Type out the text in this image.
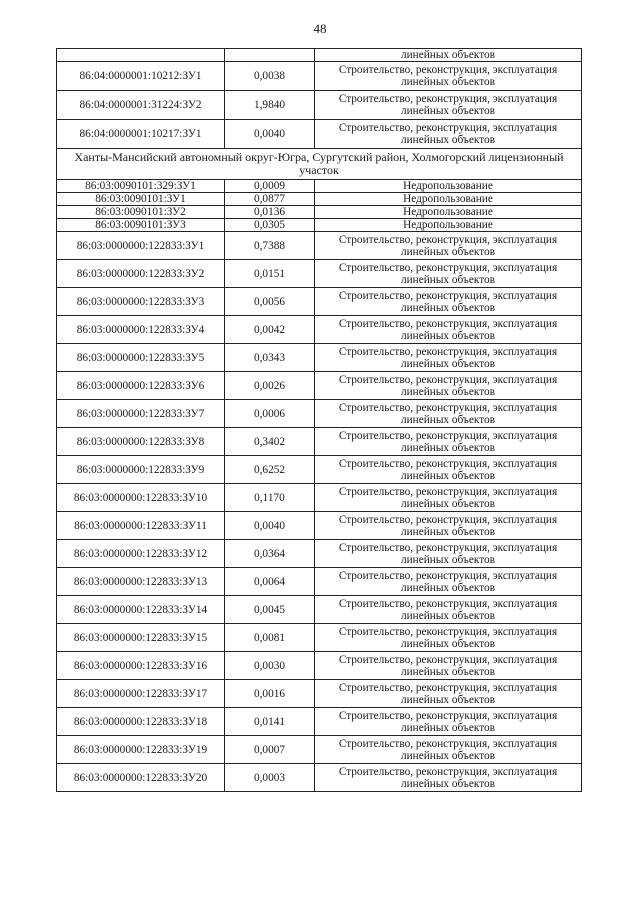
48
		линейных объектов
86:04:0000001:10212:ЗУ1	0,0038	Строительство, реконструкция, эксплуатация линейных объектов
86:04:0000001:31224:ЗУ2	1,9840	Строительство, реконструкция, эксплуатация линейных объектов
86:04:0000001:10217:ЗУ1	0,0040	Строительство, реконструкция, эксплуатация линейных объектов
Ханты-Мансийский автономный округ-Югра, Сургутский район, Холмогорский лицензионный участок		
86:03:0090101:329:ЗУ1	0,0009	Недропользование
86:03:0090101:ЗУ1	0,0877	Недропользование
86:03:0090101:ЗУ2	0,0136	Недропользование
86:03:0090101:ЗУ3	0,0305	Недропользование
86:03:0000000:122833:ЗУ1	0,7388	Строительство, реконструкция, эксплуатация линейных объектов
86:03:0000000:122833:ЗУ2	0,0151	Строительство, реконструкция, эксплуатация линейных объектов
86:03:0000000:122833:ЗУ3	0,0056	Строительство, реконструкция, эксплуатация линейных объектов
86:03:0000000:122833:ЗУ4	0,0042	Строительство, реконструкция, эксплуатация линейных объектов
86:03:0000000:122833:ЗУ5	0,0343	Строительство, реконструкция, эксплуатация линейных объектов
86:03:0000000:122833:ЗУ6	0,0026	Строительство, реконструкция, эксплуатация линейных объектов
86:03:0000000:122833:ЗУ7	0,0006	Строительство, реконструкция, эксплуатация линейных объектов
86:03:0000000:122833:ЗУ8	0,3402	Строительство, реконструкция, эксплуатация линейных объектов
86:03:0000000:122833:ЗУ9	0,6252	Строительство, реконструкция, эксплуатация линейных объектов
86:03:0000000:122833:ЗУ10	0,1170	Строительство, реконструкция, эксплуатация линейных объектов
86:03:0000000:122833:ЗУ11	0,0040	Строительство, реконструкция, эксплуатация линейных объектов
86:03:0000000:122833:ЗУ12	0,0364	Строительство, реконструкция, эксплуатация линейных объектов
86:03:0000000:122833:ЗУ13	0,0064	Строительство, реконструкция, эксплуатация линейных объектов
86:03:0000000:122833:ЗУ14	0,0045	Строительство, реконструкция, эксплуатация линейных объектов
86:03:0000000:122833:ЗУ15	0,0081	Строительство, реконструкция, эксплуатация линейных объектов
86:03:0000000:122833:ЗУ16	0,0030	Строительство, реконструкция, эксплуатация линейных объектов
86:03:0000000:122833:ЗУ17	0,0016	Строительство, реконструкция, эксплуатация линейных объектов
86:03:0000000:122833:ЗУ18	0,0141	Строительство, реконструкция, эксплуатация линейных объектов
86:03:0000000:122833:ЗУ19	0,0007	Строительство, реконструкция, эксплуатация линейных объектов
86:03:0000000:122833:ЗУ20	0,0003	Строительство, реконструкция, эксплуатация линейных объектов
